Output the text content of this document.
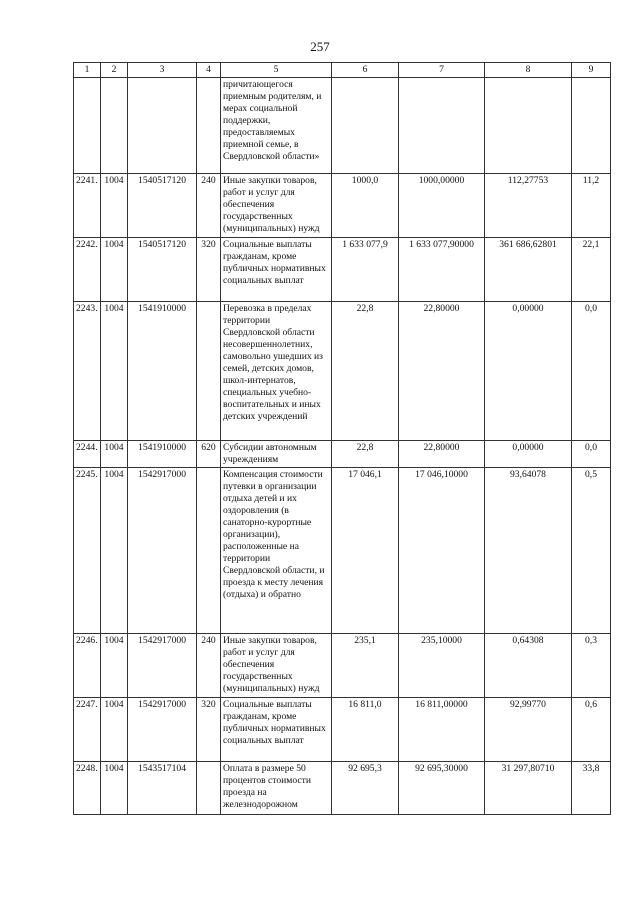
257
1	2	3	4	5	6	7	8	9
				причитающегося приемным родителям, и мерах социальной поддержки, предоставляемых приемной семье, в Свердловской области»				
2241.	1004	1540517120	240	Иные закупки товаров, работ и услуг для обеспечения государственных (муниципальных) нужд	1000,0	1000,00000	112,27753	11,2
2242.	1004	1540517120	320	Социальные выплаты гражданам, кроме публичных нормативных социальных выплат	1 633 077,9	1 633 077,90000	361 686,62801	22,1
2243.	1004	1541910000		Перевозка в пределах территории Свердловской области несовершеннолетних, самовольно ушедших из семей, детских домов, школ-интернатов, специальных учебно-воспитательных и иных детских учреждений	22,8	22,80000	0,00000	0,0
2244.	1004	1541910000	620	Субсидии автономным учреждениям	22,8	22,80000	0,00000	0,0
2245.	1004	1542917000		Компенсация стоимости путевки в организации отдыха детей и их оздоровления (в санаторно-курортные организации), расположенные на территории Свердловской области, и проезда к месту лечения (отдыха) и обратно	17 046,1	17 046,10000	93,64078	0,5
2246.	1004	1542917000	240	Иные закупки товаров, работ и услуг для обеспечения государственных (муниципальных) нужд	235,1	235,10000	0,64308	0,3
2247.	1004	1542917000	320	Социальные выплаты гражданам, кроме публичных нормативных социальных выплат	16 811,0	16 811,00000	92,99770	0,6
2248.	1004	1543517104		Оплата в размере 50 процентов стоимости проезда на железнодорожном	92 695,3	92 695,30000	31 297,80710	33,8
